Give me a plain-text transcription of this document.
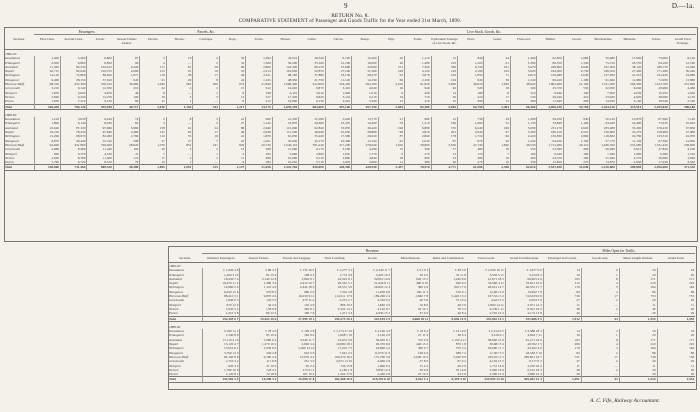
9	D.—1a.
RETURN No. 8.
COMPARATIVE STATEMENT of Passenger and Goods Traffic for the Year ended 31st March, 1890.
Sections.	First Class.	Second Class.	Totals.	Season Tickets Issued.
Parcels.	Horses.	Carriages.	Dogs.	Totals.	Horses.	Cattle.	Calves.	Sheep.	Pigs.	Totals.	Equivalent Tonnage of Live Stock, &c.
Wool.	Grain.	Firewood.	Timber.	Goods.	Merchandise.	Minerals.	Totals.	Grand Total Tonnage.
Passengers.	Parcels, &c.	Live Stock, Goods, &c.
1889-90																									
Kawakawa	1,400	5,400	6,800	87	3	10	4	50	1,094	45,010	28,340	6,720	15,200	26	1,110	15	840	44	1,460	62,850	1,084	56,480	17,900	75,000	8,120
Whangarei	2,050	6,800	8,850	96	4	—	2	32	1,308	59,200	33,100	12,100	16,000	40	1,480	210	1,200	61	1,290	89,550	1,330	73,150	18,750	84,190	12,190
Auckland	11,365	93,250	104,615	4,320	171	67	28	96	2,860	124,300	68,150	37,060	43,000	211	7,360	396	6,720	181	5,470	248,600	2,840	197,200	38,120	189,770	41,020
Napier	20,715	82,040	102,755	2,690	152	91	19	53	2,214	119,850	52,870	27,190	31,360	106	4,120	216	2,190	104	3,620	194,300	2,730	168,100	27,400	171,280	30,240
Wellington	14,120	72,800	86,920	1,871	119	58	17	46	2,011	98,190	37,880	19,130	28,270	93	3,070	192	1,850	71	2,610	150,480	2,040	127,950	21,310	143,440	24,680
Wanganui	9,460	28,150	37,610	643	61	29	8	24	1,103	48,950	21,730	11,120	14,190	66	2,190	104	940	39	1,340	69,420	1,180	61,640	11,980	72,950	13,860
Hurunui-Bluff	98,310	452,300	550,610	30,480	1,440	902	260	874	21,840	1,096,400	612,900	334,200	294,100	2,010	61,920	3,820	49,610	1,930	48,920	1,802,400	21,160	1,511,200	264,300	1,612,700	251,090
Greymouth	3,210	9,140	12,350	210	22	4	2	15	612	14,020	9,870	3,410	4,620	16	640	40	520	18	590	25,370	530	22,050	6,040	29,960	4,480
Westport	1,050	3,620	4,670	46	8	—	1	6	198	6,110	3,010	1,090	1,910	6	290	14	180	8	210	9,940	190	7,850	2,030	10,100	1,630
Nelson	2,840	9,430	12,270	190	19	2	3	12	527	17,320	9,820	3,110	5,210	19	710	36	410	17	530	26,240	410	23,620	4,920	28,090	4,130
Picton	1,930	7,210	9,140	84	11	1	—	9	412	10,840	6,150	2,010	3,290	12	410	22	290	11	360	17,040	290	14,930	3,160	18,340	2,740
Total	166,450	769,140	935,590	40,717	2,010	1,164	344	1,217	33,179	1,639,190	884,000	457,140	457,150	2,605	83,300	5,065	64,750	2,483	66,400	2,696,190	33,784	2,264,120	415,910	2,435,820	398,180

1888-89																									
Kawakawa	1,210	5,030	6,240	74	2	8	3	41	960	41,330	25,180	5,920	13,770	21	980	12	730	39	1,280	56,230	930	50,210	15,870	67,300	7,140
Whangarei	1,890	6,140	8,030	82	3	—	2	27	1,142	52,870	29,600	10,470	14,360	33	1,310	180	1,060	52	1,130	79,840	1,160	64,920	16,480	75,610	10,810
Auckland	10,640	87,320	97,960	3,980	158	61	24	88	2,640	115,690	62,840	33,870	39,420	196	6,880	370	6,240	169	5,090	231,170	2,620	183,480	35,290	176,430	37,850
Napier	19,210	78,430	97,640	2,480	141	85	17	49	2,049	111,200	48,920	25,030	28,880	99	3,810	201	2,040	97	3,360	180,210	2,510	156,060	25,270	158,900	27,980
Wellington	13,290	68,970	82,260	1,760	110	53	16	41	1,870	91,050	35,240	17,580	26,020	87	2,860	178	1,710	66	2,420	139,830	1,890	118,820	19,780	133,310	22,970
Wanganui	8,870	26,440	35,310	598	57	27	7	22	1,021	45,600	20,170	10,390	13,100	61	2,030	97	870	36	1,240	64,450	1,100	57,170	11,120	67,590	12,830
Hurunui-Bluff	94,600	431,800	526,400	28,920	1,370	851	241	822	20,730	1,040,110	581,240	317,200	279,040	1,910	58,800	3,630	47,130	1,840	46,530	1,712,260	20,110	1,436,350	251,080	1,531,420	238,600
Greymouth	2,980	8,460	11,440	192	20	3	2	13	569	13,060	9,170	3,160	4,290	15	590	37	480	16	550	23,560	490	20,490	5,610	27,820	4,160
Westport	960	3,370	4,330	41	7	—	1	5	183	5,660	2,800	1,010	1,770	6	270	13	170	7	190	9,240	180	7,290	1,890	9,380	1,510
Nelson	2,620	8,780	11,400	174	17	2	2	11	489	16,080	9,110	2,890	4,840	18	660	33	380	16	490	24,370	380	21,940	4,570	26,080	3,840
Picton	1,790	6,720	8,510	79	10	1	—	8	383	10,050	5,710	1,870	3,060	11	380	20	270	10	330	15,820	270	13,870	2,930	17,030	2,540
Total	158,060	731,460	889,520	38,380	1,895	1,091	315	1,127	31,036	1,541,700	830,000	428,390	428,550	2,457	78,570	4,771	61,080	2,348	62,610	2,537,030	31,640	2,130,600	389,890	2,290,400	371,230
Sections.	Ordinary Passengers.	Season Tickets.	Parcels and Luggage.	Total Coaching.	Goods.	Miscellaneous.	Rents and Commission.	Total Goods.	Grand Total Revenue.	Passenger and Goods.	Goods only.	Mean Length Worked.	Grand Total.
Revenue.	Miles Open for Traffic.
1889-90													
Kawakawa	£ 1,020 4 8	£ 86 2 0	£ 170 16 5	£ 1,277 3 1	£ 2,340 11 7	£ 21 0 4	£ 38 5 0	£ 2,399 16 11	£ 3,677 0 0	14	2	16	16
Whangarei	1,460 3 10	92 15 6	198 4 2	1,751 3 6	3,420 10 3	30 4 0	52 11 8	3,503 5 11	5,254 9 5	19	1	20	20
Auckland	18,430 7 4	2,140 12 8	3,820 6 1	24,391 6 1	39,810 14 9	620 15 2	1,240 8 6	41,671 18 5	66,063 4 6	163	8	171	171
Napier	16,270 11 2	1,380 3 4	2,910 10 7	20,561 5 1	31,640 8 11	480 9 10	940 6 2	33,060 4 11	53,621 10 0	212	4	216	216
Wellington	14,980 2 9	1,110 4 0	2,440 18 3	18,531 5 0	26,820 12 4	390 2 6	810 17 9	28,021 12 7	46,552 17 7	179	5	184	184
Wanganui	6,240 15 6	370 8 2	980 2 0	7,591 5 8	11,930 6 8	160 11 3	310 4 1	12,401 2 0	19,992 7 8	84	2	86	86
Hurunui-Bluff	88,410 3 1	9,870 4 6	16,230 9 11	114,511 17 6	189,260 2 4	2,840 7 8	5,420 13 2	197,521 3 2	312,033 0 8	736	17	753	753
Greymouth	1,840 6 3	120 5 0	270 11 4	2,231 2 7	4,310 9 2	40 3 8	72 10 4	4,423 3 2	6,654 5 9	27	2	29	29
Westport	670 12 0	34 2 6	102 4 9	806 19 3	1,820 4 5	16 8 0	28 2 6	1,864 14 11	2,671 14 2	11	—	11	11
Nelson	1,920 5 4	138 0 8	294 8 1	2,352 14 1	4,120 6 7	42 10 1	76 5 3	4,239 1 11	6,591 16 0	38	2	40	40
Picton	1,210 3 8	80 12 2	180 7 6	1,471 3 4	2,630 15 3	25 6 9	46 8 4	2,702 10 4	4,173 13 8	29	—	29	29
Total	152,453 0 7	15,422 10 6	27,399 19 1	195,275 10 4	322,105 2 5	4,668 18 11	9,036 12 9	335,810 14 1	531,086 4 5	1,512	43	1,555	1,555

1888-89													
Kawakawa	£ 940 11 2	£ 78 4 0	£ 156 2 8	£ 1,174 17 10	£ 2,160 4 3	£ 19 6 2	£ 34 10 0	£ 2,214 0 5	£ 3,388 18 3	14	2	16	16
Whangarei	1,340 8 6	85 10 4	182 9 0	1,608 7 10	3,140 2 8	27 11 3	48 6 2	3,216 0 1	4,824 7 11	19	1	20	20
Auckland	17,110 2 10	1,980 6 4	3,540 11 7	22,631 0 9	36,920 8 1	570 2 9	1,150 4 11	38,640 15 9	61,271 16 6	163	8	171	171
Napier	15,120 4 7	1,270 10 2	2,690 3 4	19,080 18 1	29,370 6 6	440 15 2	870 1 8	30,681 3 4	49,762 1 5	206	4	210	210
Wellington	13,910 6 1	1,030 8 6	2,260 12 10	17,201 7 5	24,890 4 2	360 9 7	750 3 4	26,000 17 1	43,202 4 6	179	5	184	184
Wanganui	5,790 14 3	340 2 8	910 5 6	7,041 2 5	11,070 11 9	148 4 6	288 7 2	11,507 3 5	18,548 5 10	84	2	86	86
Hurunui-Bluff	82,140 9 8	9,160 2 4	15,070 4 2	106,370 16 2	175,780 3 6	2,640 10 2	5,030 8 9	183,451 2 5	289,821 18 7	721	17	738	738
Greymouth	1,710 4 2	111 6 8	251 3 0	2,072 13 10	4,000 2 9	37 8 6	67 4 2	4,104 15 5	6,177 9 3	27	2	29	29
Westport	620 3 4	31 10 0	95 2 4	746 15 8	1,690 8 2	15 4 4	26 2 0	1,731 14 6	2,478 10 2	11	—	11	11
Nelson	1,780 10 8	128 4 2	273 6 11	2,182 1 9	3,830 12 4	39 9 8	70 14 6	3,940 16 6	6,122 18 3	38	2	40	40
Picton	1,120 8 2	74 18 6	167 10 4	1,362 17 0	2,440 2 8	23 10 2	43 2 6	2,506 15 4	3,869 12 4	29	—	29	29
Total	141,582 3 5	14,290 3 4	25,596 11 8	181,468 18 5	315,292 6 10	4,322 2 2	8,378 4 10	323,992 13 10	505,461 12 3	1,491	43	1,534	1,534
A. C. Fife, Railway Accountant.
